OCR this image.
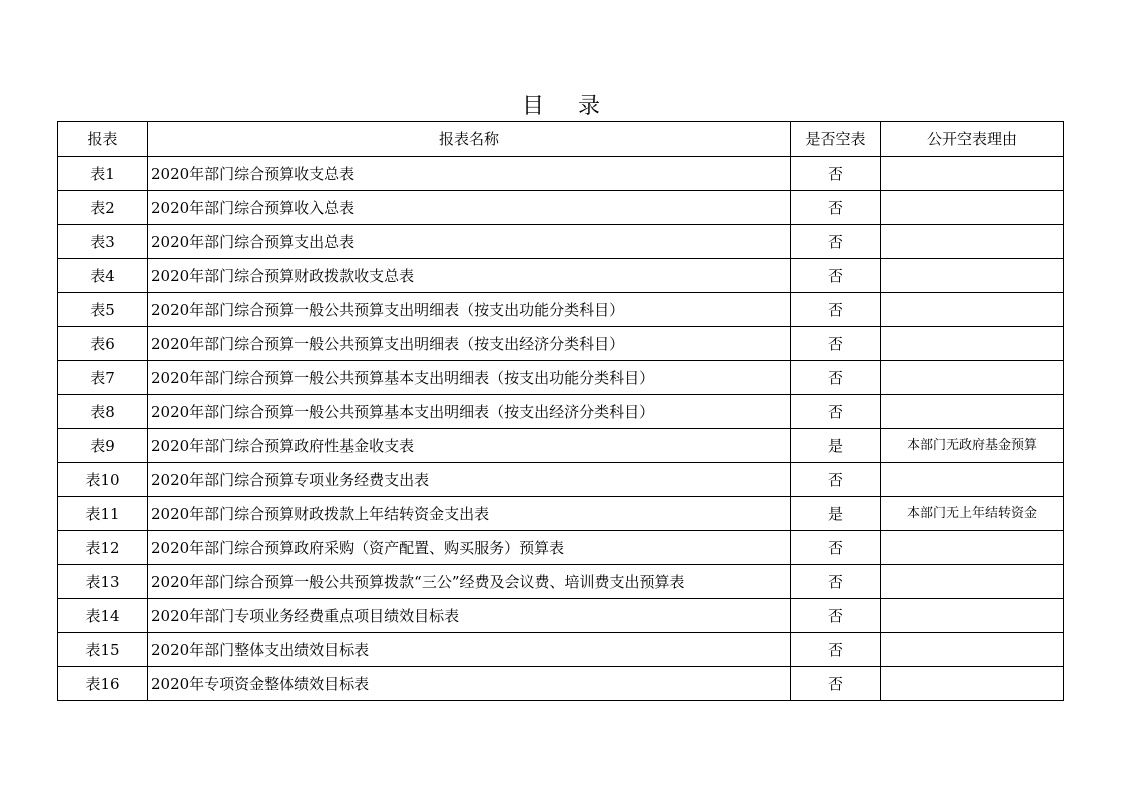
目 录
报表	报表名称	是否空表	公开空表理由
表1	2020年部门综合预算收支总表	否	
表2	2020年部门综合预算收入总表	否	
表3	2020年部门综合预算支出总表	否	
表4	2020年部门综合预算财政拨款收支总表	否	
表5	2020年部门综合预算一般公共预算支出明细表（按支出功能分类科目）	否	
表6	2020年部门综合预算一般公共预算支出明细表（按支出经济分类科目）	否	
表7	2020年部门综合预算一般公共预算基本支出明细表（按支出功能分类科目）	否	
表8	2020年部门综合预算一般公共预算基本支出明细表（按支出经济分类科目）	否	
表9	2020年部门综合预算政府性基金收支表	是	本部门无政府基金预算
表10	2020年部门综合预算专项业务经费支出表	否	
表11	2020年部门综合预算财政拨款上年结转资金支出表	是	本部门无上年结转资金
表12	2020年部门综合预算政府采购（资产配置、购买服务）预算表	否	
表13	2020年部门综合预算一般公共预算拨款“三公”经费及会议费、培训费支出预算表	否	
表14	2020年部门专项业务经费重点项目绩效目标表	否	
表15	2020年部门整体支出绩效目标表	否	
表16	2020年专项资金整体绩效目标表	否	
